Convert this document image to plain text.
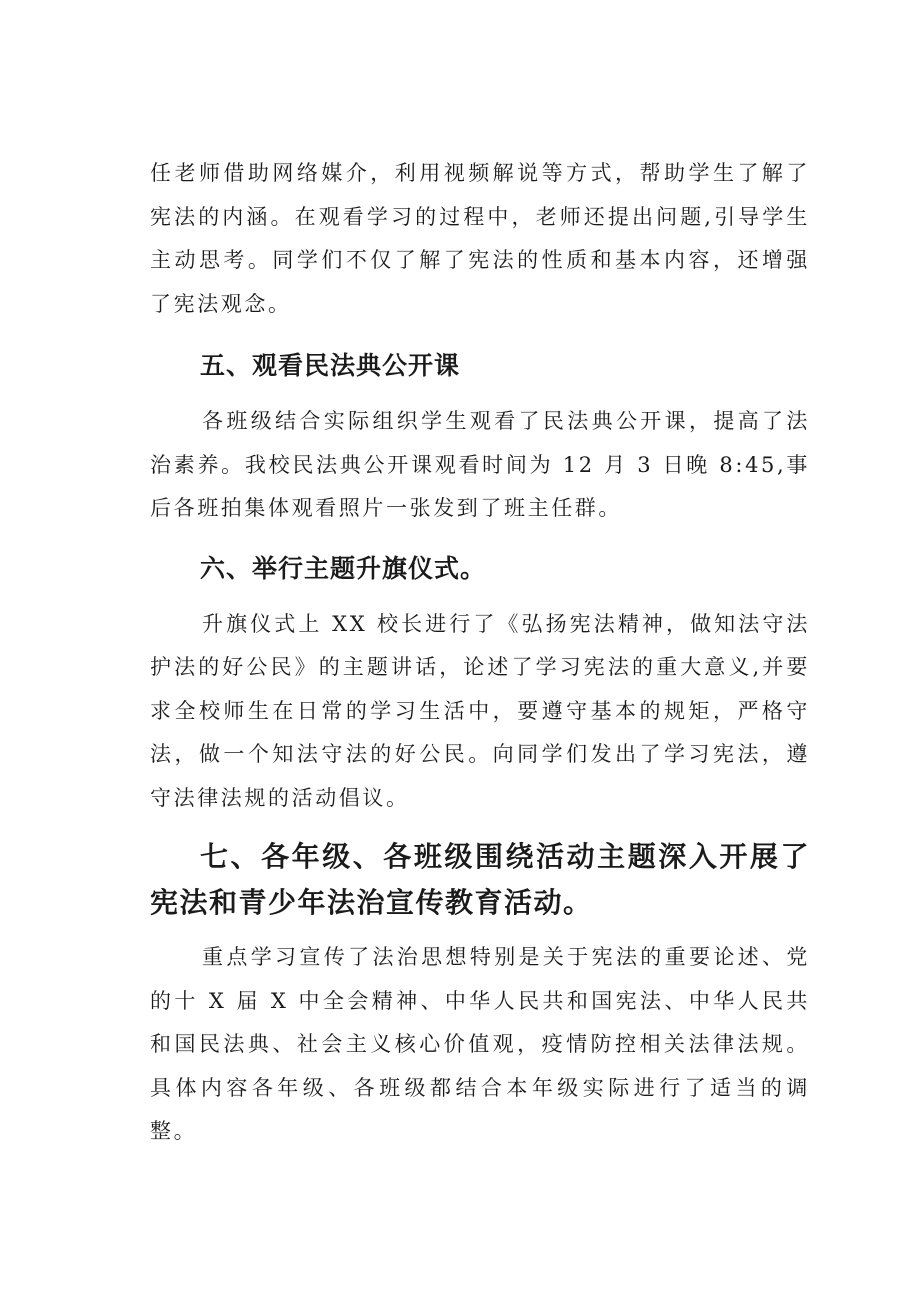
任老师借助网络媒介，利用视频解说等方式，帮助学生了解了宪法的内涵。在观看学习的过程中，老师还提出问题,引导学生主动思考。同学们不仅了解了宪法的性质和基本内容，还增强了宪法观念。

五、观看民法典公开课

各班级结合实际组织学生观看了民法典公开课，提高了法治素养。我校民法典公开课观看时间为 12 月 3 日晚 8:45,事后各班拍集体观看照片一张发到了班主任群。

六、举行主题升旗仪式。

升旗仪式上 XX 校长进行了《弘扬宪法精神，做知法守法护法的好公民》的主题讲话，论述了学习宪法的重大意义,并要求全校师生在日常的学习生活中，要遵守基本的规矩，严格守法，做一个知法守法的好公民。向同学们发出了学习宪法，遵守法律法规的活动倡议。

七、各年级、各班级围绕活动主题深入开展了宪法和青少年法治宣传教育活动。

重点学习宣传了法治思想特别是关于宪法的重要论述、党的十 X 届 X 中全会精神、中华人民共和国宪法、中华人民共和国民法典、社会主义核心价值观，疫情防控相关法律法规。具体内容各年级、各班级都结合本年级实际进行了适当的调整。
